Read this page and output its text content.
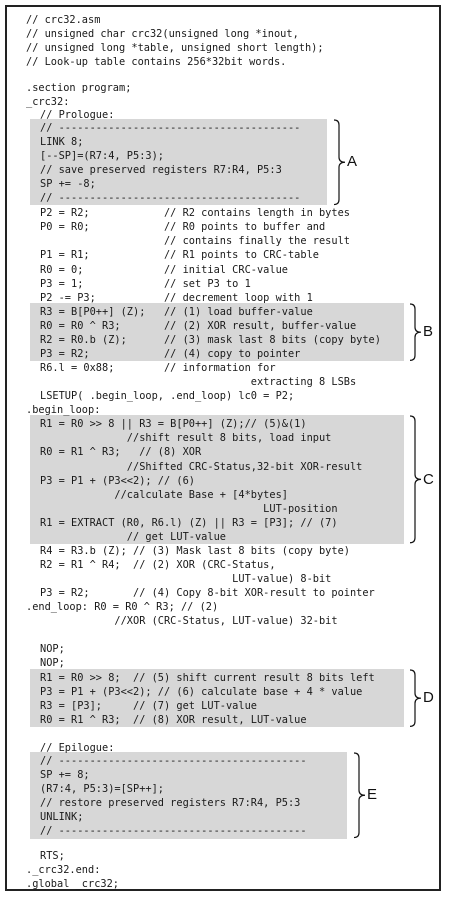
A
B
C
D
E
// crc32.asm
// unsigned char crc32(unsigned long *inout,
// unsigned long *table, unsigned short length);
// Look-up table contains 256*32bit words.
.section program;
_crc32:
// Prologue:
// ---------------------------------------
LINK 8;
[--SP]=(R7:4, P5:3);
// save preserved registers R7:R4, P5:3
SP += -8;
// ---------------------------------------
P2 = R2;            // R2 contains length in bytes
P0 = R0;            // R0 points to buffer and
// contains finally the result
P1 = R1;            // R1 points to CRC-table
R0 = 0;             // initial CRC-value
P3 = 1;             // set P3 to 1
P2 -= P3;           // decrement loop with 1
R3 = B[P0++] (Z);   // (1) load buffer-value
R0 = R0 ^ R3;       // (2) XOR result, buffer-value
R2 = R0.b (Z);      // (3) mask last 8 bits (copy byte)
P3 = R2;            // (4) copy to pointer
R6.l = 0x88;        // information for
extracting 8 LSBs
LSETUP( .begin_loop, .end_loop) lc0 = P2;
.begin_loop:
R1 = R0 >> 8 || R3 = B[P0++] (Z);// (5)&(1)
//shift result 8 bits, load input
R0 = R1 ^ R3;   // (8) XOR
//Shifted CRC-Status,32-bit XOR-result
P3 = P1 + (P3<<2); // (6)
//calculate Base + [4*bytes]
LUT-position
R1 = EXTRACT (R0, R6.l) (Z) || R3 = [P3]; // (7)
// get LUT-value
R4 = R3.b (Z); // (3) Mask last 8 bits (copy byte)
R2 = R1 ^ R4;  // (2) XOR (CRC-Status,
LUT-value) 8-bit
P3 = R2;       // (4) Copy 8-bit XOR-result to pointer
.end_loop: R0 = R0 ^ R3; // (2)
//XOR (CRC-Status, LUT-value) 32-bit
NOP;
NOP;
R1 = R0 >> 8;  // (5) shift current result 8 bits left
P3 = P1 + (P3<<2); // (6) calculate base + 4 * value
R3 = [P3];     // (7) get LUT-value
R0 = R1 ^ R3;  // (8) XOR result, LUT-value
// Epilogue:
// ----------------------------------------
SP += 8;
(R7:4, P5:3)=[SP++];
// restore preserved registers R7:R4, P5:3
UNLINK;
// ----------------------------------------
RTS;
._crc32.end:
.global _crc32;
